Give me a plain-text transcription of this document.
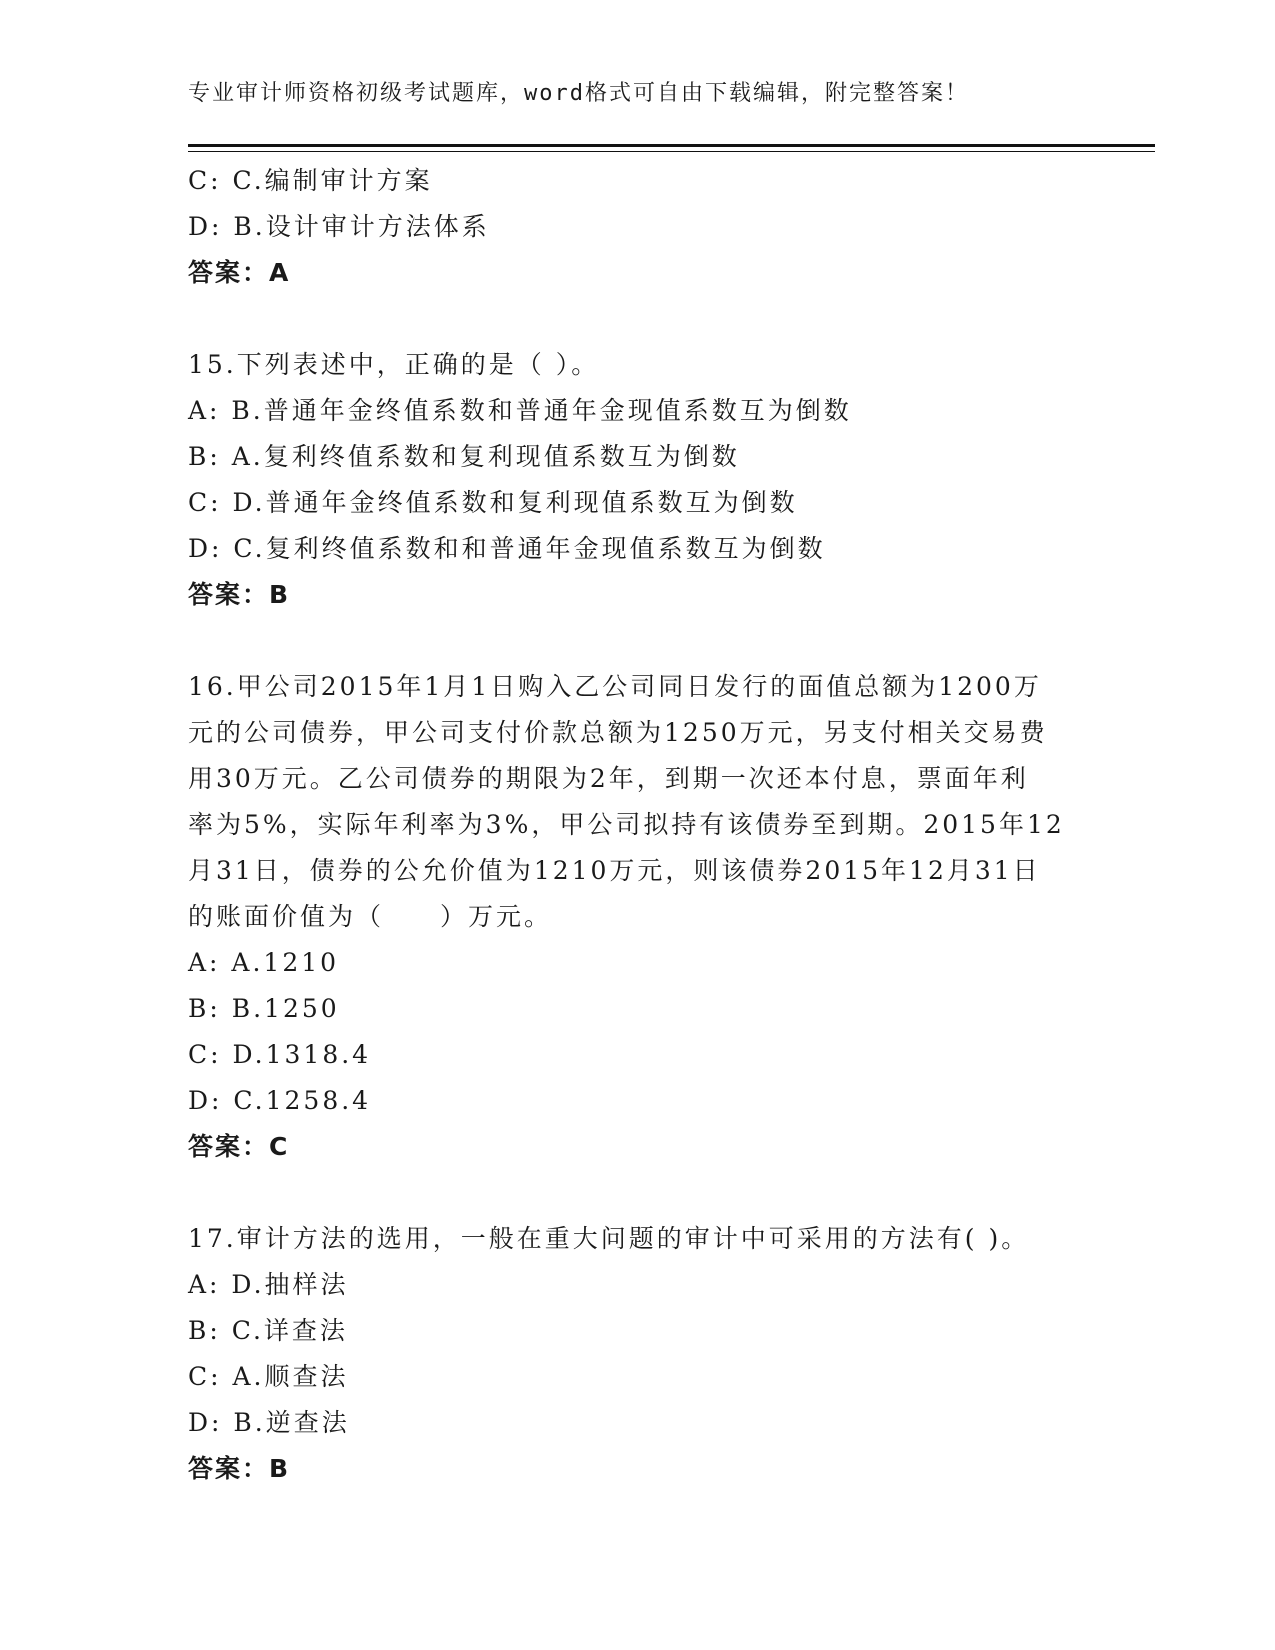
专业审计师资格初级考试题库，word格式可自由下载编辑，附完整答案！
C: C.编制审计方案
D: B.设计审计方法体系
答案：A
15.下列表述中，正确的是（ ）。
A: B.普通年金终值系数和普通年金现值系数互为倒数
B: A.复利终值系数和复利现值系数互为倒数
C: D.普通年金终值系数和复利现值系数互为倒数
D: C.复利终值系数和和普通年金现值系数互为倒数
答案：B
16.甲公司2015年1月1日购入乙公司同日发行的面值总额为1200万
元的公司债券，甲公司支付价款总额为1250万元，另支付相关交易费
用30万元。乙公司债券的期限为2年，到期一次还本付息，票面年利
率为5%，实际年利率为3%，甲公司拟持有该债券至到期。2015年12
月31日，债券的公允价值为1210万元，则该债券2015年12月31日
的账面价值为（　　）万元。
A: A.1210
B: B.1250
C: D.1318.4
D: C.1258.4
答案：C
17.审计方法的选用，一般在重大问题的审计中可采用的方法有( )。
A: D.抽样法
B: C.详查法
C: A.顺查法
D: B.逆查法
答案：B
